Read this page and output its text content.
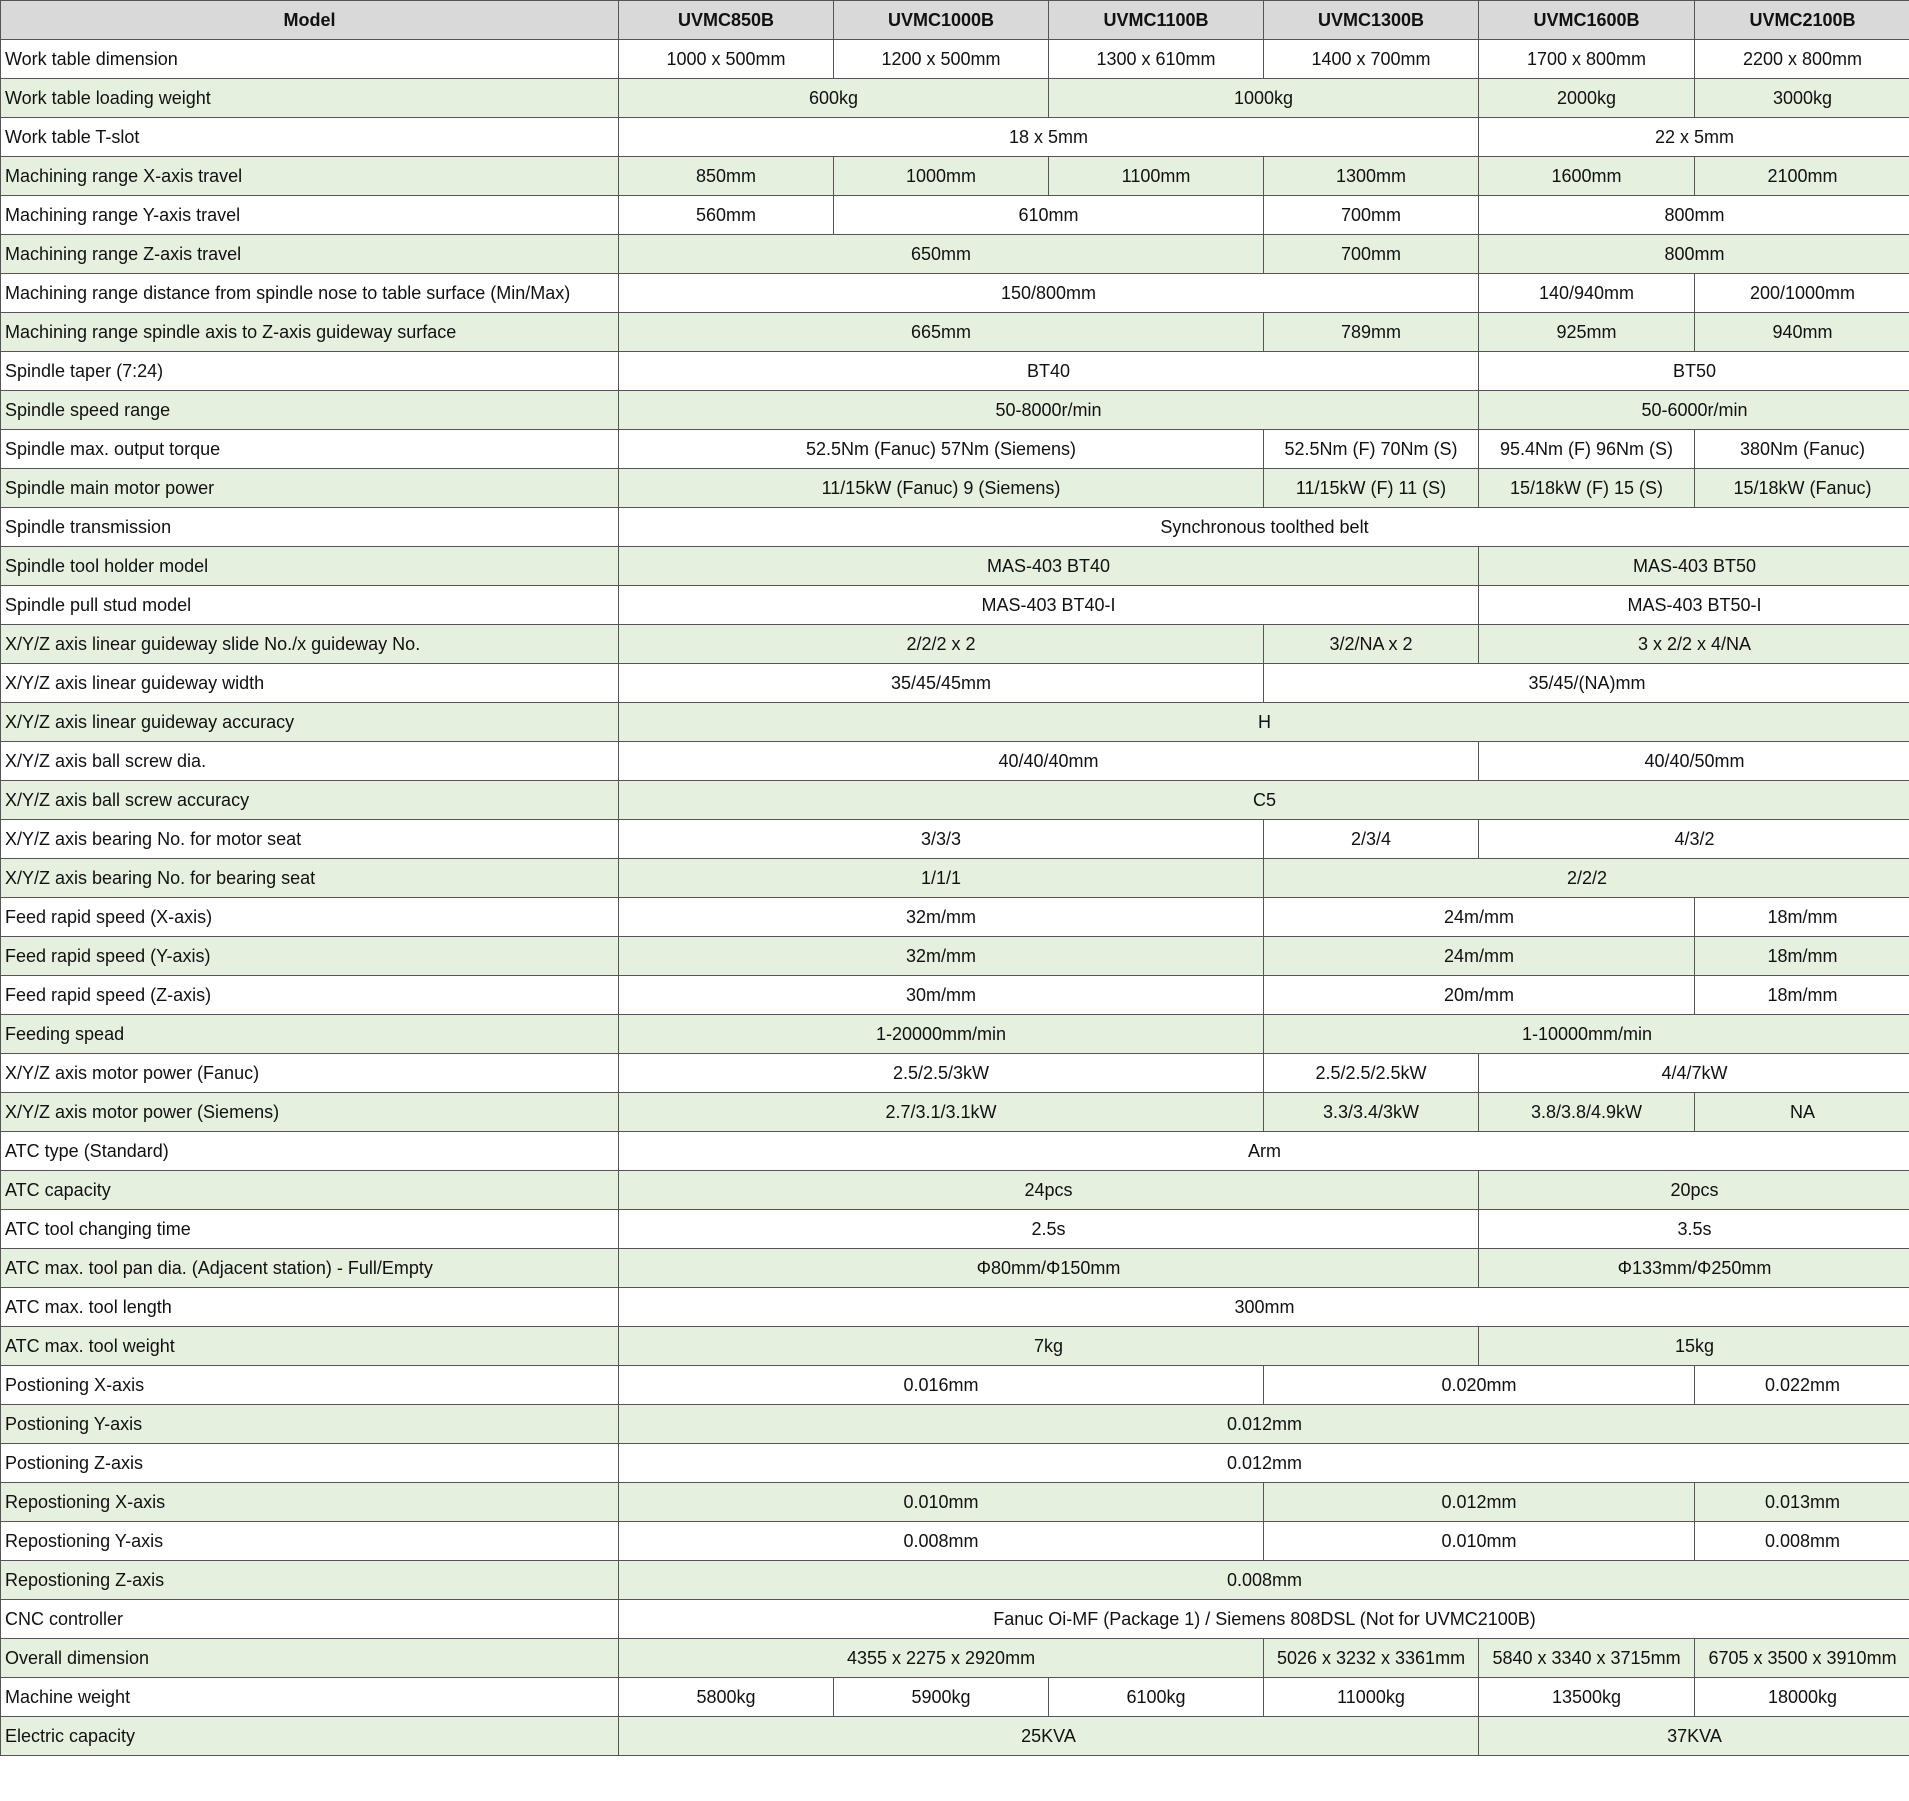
Model	UVMC850B	UVMC1000B	UVMC1100B	UVMC1300B	UVMC1600B	UVMC2100B
Work table dimension	1000 x 500mm	1200 x 500mm	1300 x 610mm	1400 x 700mm	1700 x 800mm	2200 x 800mm
Work table loading weight	600kg		1000kg		2000kg	3000kg
Work table T-slot	18 x 5mm				22 x 5mm	
Machining range X-axis travel	850mm	1000mm	1100mm	1300mm	1600mm	2100mm
Machining range Y-axis travel	560mm	610mm		700mm	800mm	
Machining range Z-axis travel	650mm			700mm	800mm	
Machining range distance from spindle nose to table surface (Min/Max)	150/800mm				140/940mm	200/1000mm
Machining range spindle axis to Z-axis guideway surface	665mm			789mm	925mm	940mm
Spindle taper (7:24)	BT40				BT50	
Spindle speed range	50-8000r/min				50-6000r/min	
Spindle max. output torque	52.5Nm (Fanuc) 57Nm (Siemens)			52.5Nm (F) 70Nm (S)	95.4Nm (F) 96Nm (S)	380Nm (Fanuc)
Spindle main motor power	11/15kW (Fanuc) 9 (Siemens)			11/15kW (F) 11 (S)	15/18kW (F) 15 (S)	15/18kW (Fanuc)
Spindle transmission	Synchronous toolthed belt					
Spindle tool holder model	MAS-403 BT40				MAS-403 BT50	
Spindle pull stud model	MAS-403 BT40-I				MAS-403 BT50-I	
X/Y/Z axis linear guideway slide No./x guideway No.	2/2/2 x 2			3/2/NA x 2	3 x 2/2 x 4/NA	
X/Y/Z axis linear guideway width	35/45/45mm			35/45/(NA)mm		
X/Y/Z axis linear guideway accuracy	H					
X/Y/Z axis ball screw dia.	40/40/40mm				40/40/50mm	
X/Y/Z axis ball screw accuracy	C5					
X/Y/Z axis bearing No. for motor seat	3/3/3			2/3/4	4/3/2	
X/Y/Z axis bearing No. for bearing seat	1/1/1			2/2/2		
Feed rapid speed (X-axis)	32m/mm			24m/mm		18m/mm
Feed rapid speed (Y-axis)	32m/mm			24m/mm		18m/mm
Feed rapid speed (Z-axis)	30m/mm			20m/mm		18m/mm
Feeding spead	1-20000mm/min			1-10000mm/min		
X/Y/Z axis motor power (Fanuc)	2.5/2.5/3kW			2.5/2.5/2.5kW	4/4/7kW	
X/Y/Z axis motor power (Siemens)	2.7/3.1/3.1kW			3.3/3.4/3kW	3.8/3.8/4.9kW	NA
ATC type (Standard)	Arm					
ATC capacity	24pcs				20pcs	
ATC tool changing time	2.5s				3.5s	
ATC max. tool pan dia. (Adjacent station) - Full/Empty	Φ80mm/Φ150mm				Φ133mm/Φ250mm	
ATC max. tool length	300mm					
ATC max. tool weight	7kg				15kg	
Postioning X-axis	0.016mm			0.020mm		0.022mm
Postioning Y-axis	0.012mm					
Postioning Z-axis	0.012mm					
Repostioning X-axis	0.010mm			0.012mm		0.013mm
Repostioning Y-axis	0.008mm			0.010mm		0.008mm
Repostioning Z-axis	0.008mm					
CNC controller	Fanuc Oi-MF (Package 1) / Siemens 808DSL (Not for UVMC2100B)					
Overall dimension	4355 x 2275 x 2920mm			5026 x 3232 x 3361mm	5840 x 3340 x 3715mm	6705 x 3500 x 3910mm
Machine weight	5800kg	5900kg	6100kg	11000kg	13500kg	18000kg
Electric capacity	25KVA				37KVA	
